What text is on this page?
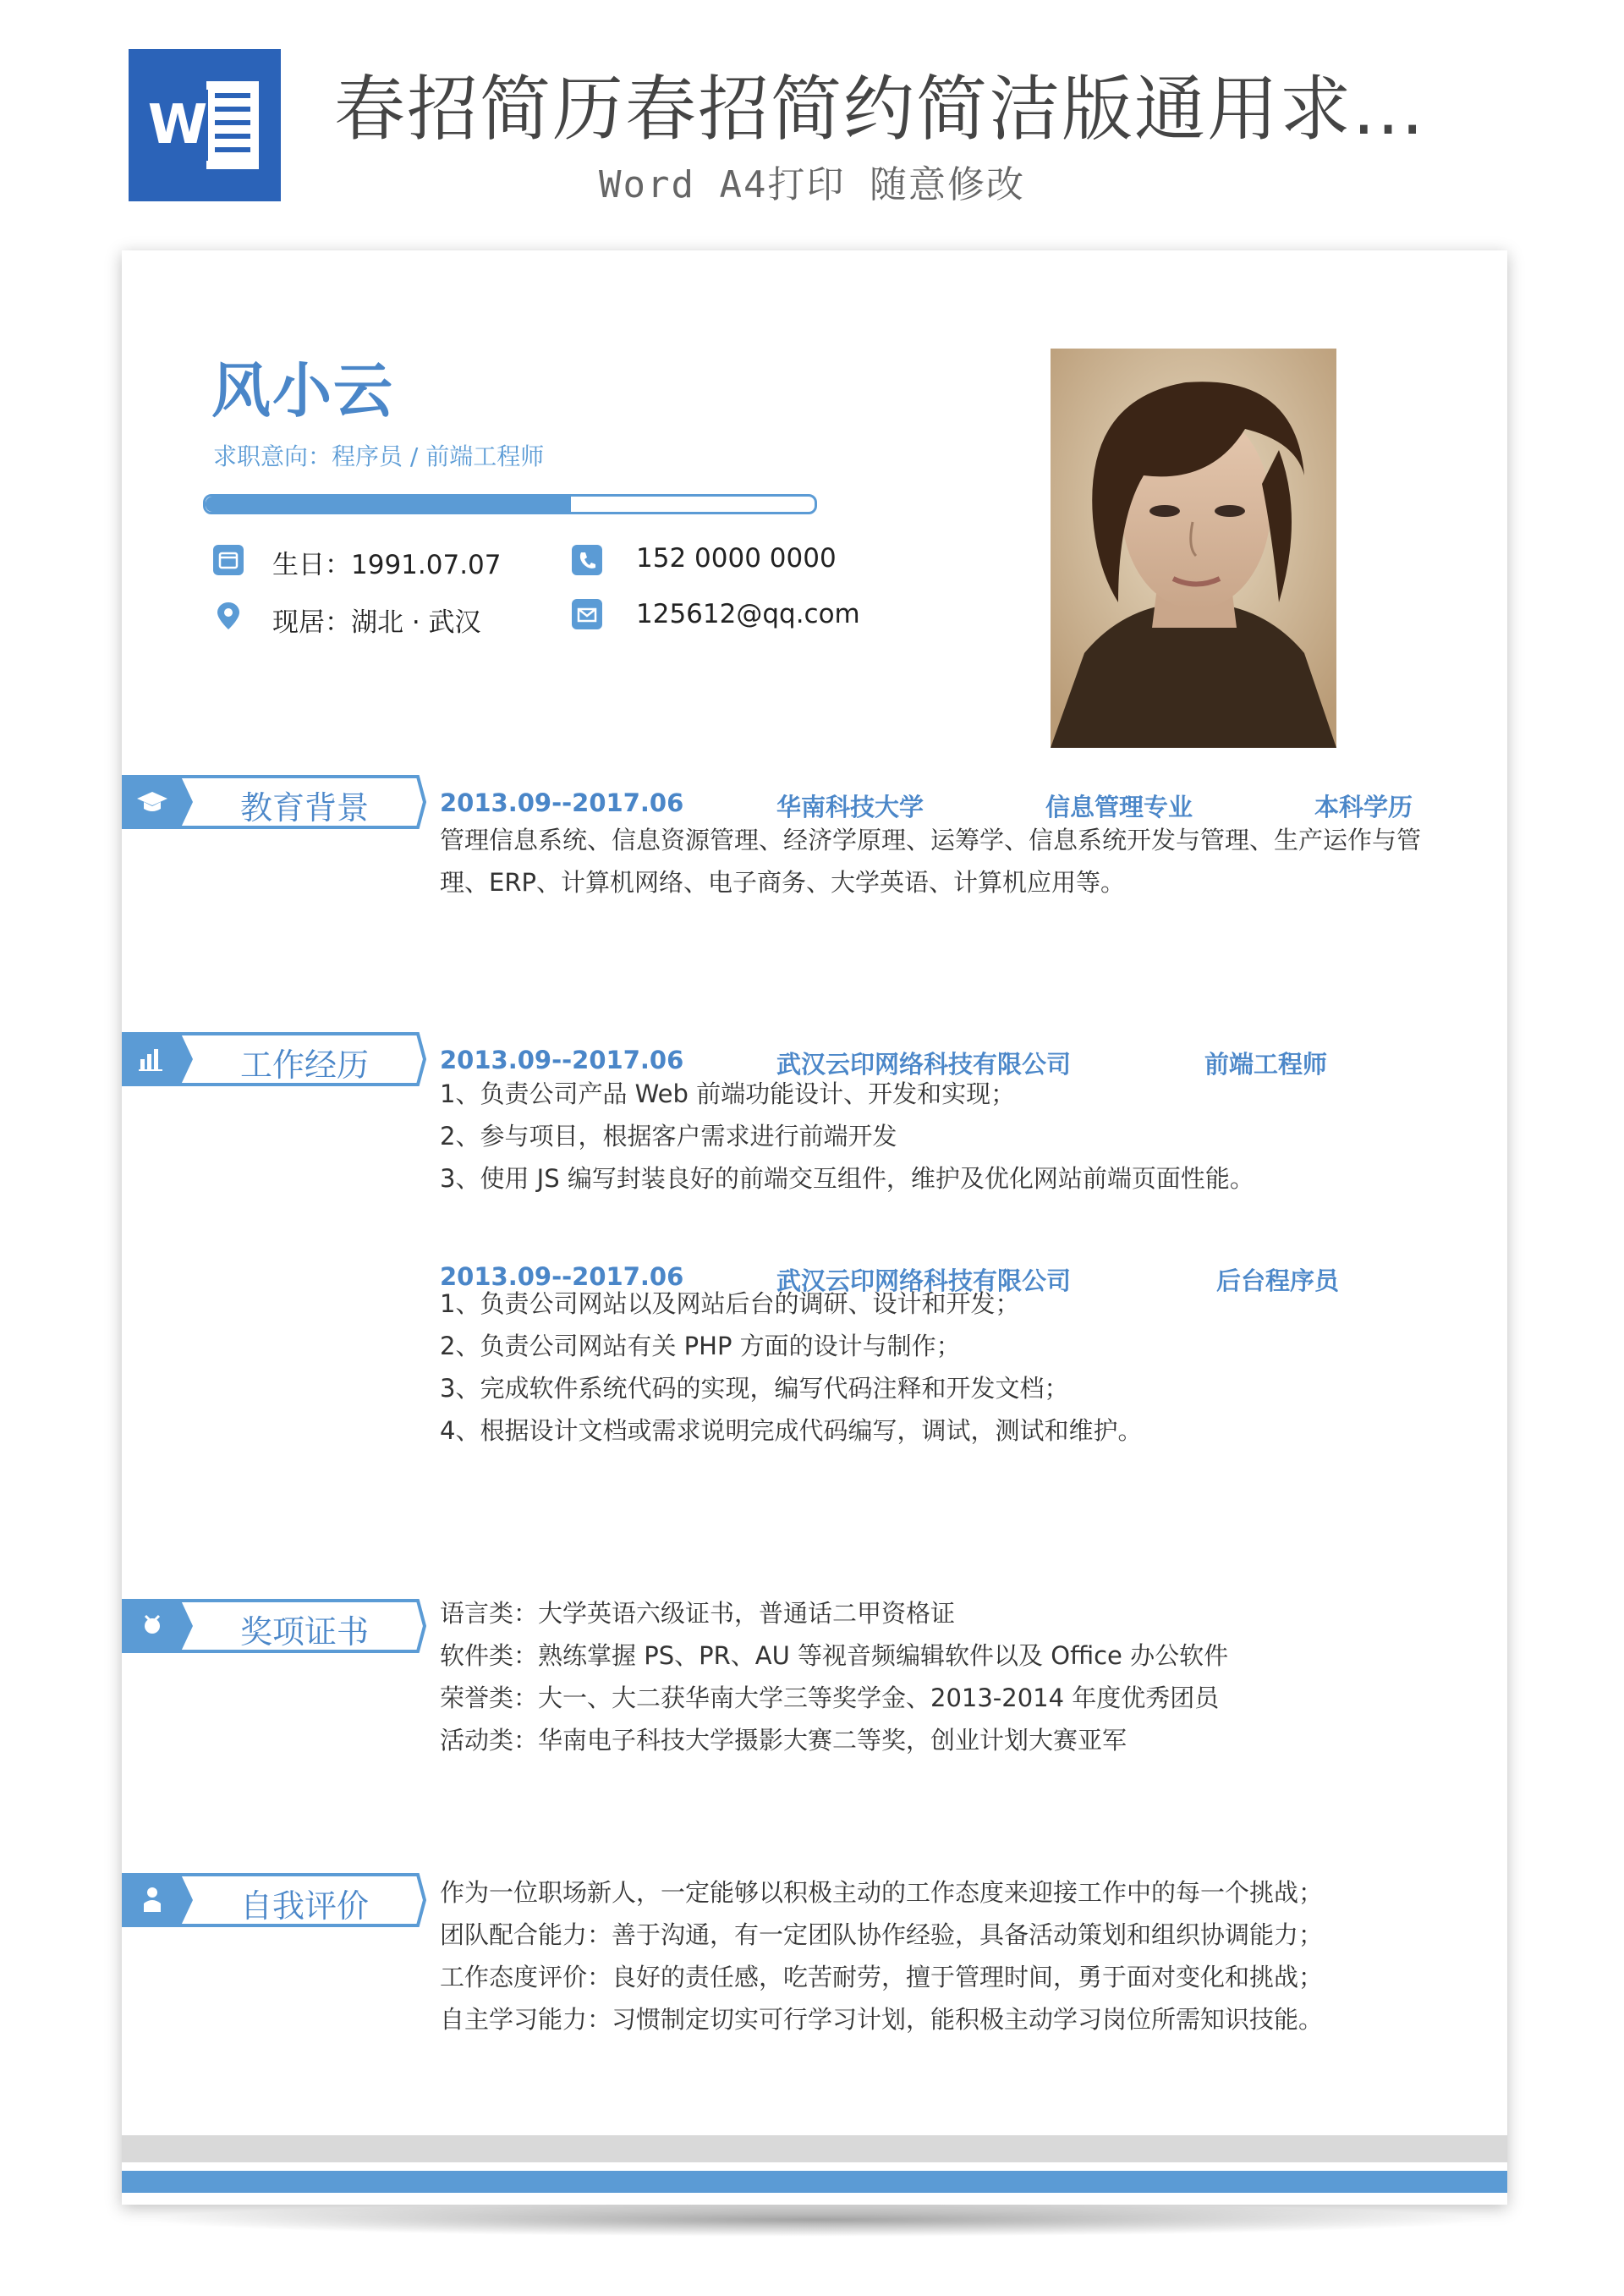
W 春招简历春招简约简洁版通用求...
Word A4打印 随意修改
风小云
求职意向：程序员 / 前端工程师
生日：1991.07.07	152 0000 0000
现居：湖北 · 武汉	125612@qq.com
教育背景	2013.09--2017.06	华南科技大学	信息管理专业	本科学历
管理信息系统、信息资源管理、经济学原理、运筹学、信息系统开发与管理、生产运作与管
理、ERP、计算机网络、电子商务、大学英语、计算机应用等。
工作经历	2013.09--2017.06	武汉云印网络科技有限公司	前端工程师
1、负责公司产品 Web 前端功能设计、开发和实现；
2、参与项目，根据客户需求进行前端开发
3、使用 JS 编写封装良好的前端交互组件，维护及优化网站前端页面性能。
2013.09--2017.06	武汉云印网络科技有限公司	后台程序员
1、负责公司网站以及网站后台的调研、设计和开发；
2、负责公司网站有关 PHP 方面的设计与制作；
3、完成软件系统代码的实现，编写代码注释和开发文档；
4、根据设计文档或需求说明完成代码编写，调试，测试和维护。
奖项证书	语言类：大学英语六级证书，普通话二甲资格证
软件类：熟练掌握 PS、PR、AU 等视音频编辑软件以及 Office 办公软件
荣誉类：大一、大二获华南大学三等奖学金、2013-2014 年度优秀团员
活动类：华南电子科技大学摄影大赛二等奖，创业计划大赛亚军
自我评价	作为一位职场新人，一定能够以积极主动的工作态度来迎接工作中的每一个挑战；
团队配合能力：善于沟通，有一定团队协作经验，具备活动策划和组织协调能力；
工作态度评价：良好的责任感，吃苦耐劳，擅于管理时间，勇于面对变化和挑战；
自主学习能力：习惯制定切实可行学习计划，能积极主动学习岗位所需知识技能。
